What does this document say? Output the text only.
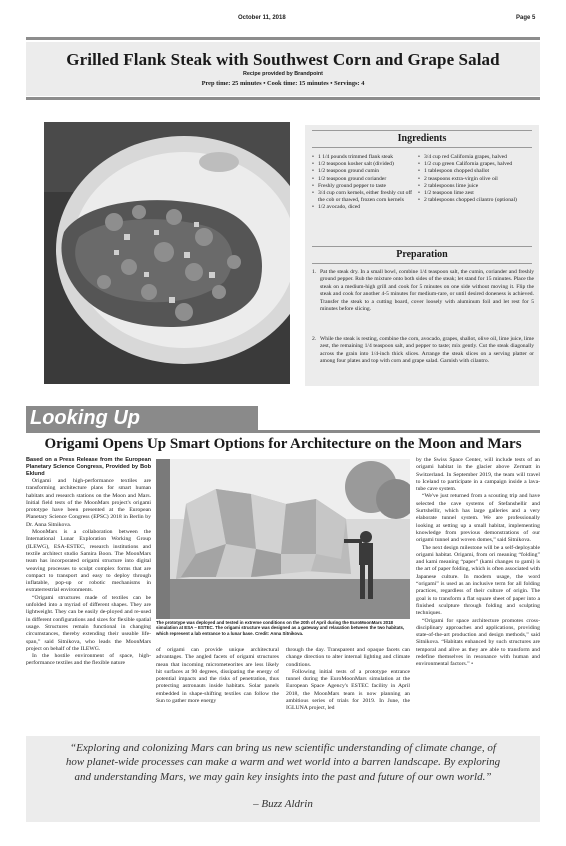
October 11, 2018	Page 5
Grilled Flank Steak with Southwest Corn and Grape Salad
Recipe provided by Brandpoint
Prep time: 25 minutes • Cook time: 15 minutes • Servings: 4
Ingredients
• 1 1/4 pounds trimmed flank steak
• 1/2 teaspoon kosher salt (divided)
• 1/2 teaspoon ground cumin
• 1/2 teaspoon ground coriander
• Freshly ground pepper to taste
• 3/4 cup corn kernels, either freshly cut off the cob or thawed, frozen corn kernels
• 1/2 avocado, diced
• 3/4 cup red California grapes, halved
• 1/2 cup green California grapes, halved
• 1 tablespoon chopped shallot
• 2 teaspoons extra-virgin olive oil
• 2 tablespoons lime juice
• 1/2 teaspoon lime zest
• 2 tablespoons chopped cilantro (optional)
Preparation
1. Pat the steak dry. In a small bowl, combine 1/4 teaspoon salt, the cumin, coriander and freshly ground pepper. Rub the mixture onto both sides of the steak; let stand for 15 minutes. Place the steak on a medium-high grill and cook for 5 minutes on one side without moving it. Flip the steak and cook for another 4-5 minutes for medium-rare, or until desired doneness is achieved. Transfer the steak to a cutting board, cover loosely with aluminum foil and let rest for 5 minutes before slicing.
2. While the steak is resting, combine the corn, avocado, grapes, shallot, olive oil, lime juice, lime zest, the remaining 1/4 teaspoon salt, and pepper to taste; mix gently. Cut the steak diagonally across the grain into 1/4-inch thick slices. Arrange the steak slices on a serving platter or among four plates and top with corn and grape salad. Garnish with cilantro.
Looking Up
Origami Opens Up Smart Options for Architecture on the Moon and Mars
Based on a Press Release from the European Planetary Science Congress, Provided by Bob Eklund

Origami and high-performance textiles are transforming architecture plans for smart human habitats and research stations on the Moon and Mars. Initial field tests of the MoonMars project's origami prototype have been presented at the European Planetary Science Congress (EPSC) 2018 in Berlin by Dr. Anna Sitnikova.

MoonMars is a collaboration between the International Lunar Exploration Working Group (ILEWG), ESA-ESTEC, research institutions and textile architect studio Samira Boon. The MoonMars team has incorporated origami structure into digital weaving processes to sculpt complex forms that are compact to transport and easy to deploy through inflatable, pop-up or robotic mechanisms in extraterrestrial environments.

“Origami structures made of textiles can be unfolded into a myriad of different shapes. They are lightweight. They can be easily de-ployed and re-used in different configurations and sizes for flexible spatial usage. Structures remain functional in changing circumstances, thereby extending their useable life-span,” said Sitnikova, who leads the MoonMars project on behalf of the ILEWG.

In the hostile environment of space, high-performance textiles and the flexible nature

The prototype was deployed and tested in extreme conditions on the 20th of April during the EuroMoonMars 2018 simulation at ESA – ESTEC. The origami structure was designed as a gateway and relaxation between the two habitats, which represent a lab entrance to a lunar base. Credit: Anna Sitnikova.

of origami can provide unique architectural advantages. The angled facets of origami structures mean that incoming micrometeorites are less likely hit surfaces at 90 degrees, dissipating the energy of potential impacts and the risks of penetration, thus protecting astronauts inside habitats. Solar panels embedded in shape-shifting textiles can follow the Sun to gather more energy

through the day. Transparent and opaque facets can change direction to alter internal lighting and climate conditions.

Following initial tests of a prototype entrance tunnel during the EuroMoonMars simulation at the European Space Agency's ESTEC facility in April 2018, the MoonMars team is now planning an ambitious series of trials for 2019. In June, the IGLUNA project, led

by the Swiss Space Center, will include tests of an origami habitat in the glacier above Zermatt in Switzerland. In September 2019, the team will travel to Iceland to participate in a campaign inside a lava-tube cave system.

“We've just returned from a scouting trip and have selected the cave systems of Stefanshellir and Surtshellir, which has large galleries and a very elaborate tunnel system. We are professionally looking at setting up a small habitat, implementing knowledge from previous demonstrations of our origami tunnel and woven domes,” said Sitnikova.

The next design milestone will be a self-deployable origami habitat. Origami, from ori meaning “folding” and kami meaning “paper” (kami changes to gami) is the art of paper folding, which is often associated with Japanese culture. In modern usage, the word “origami” is used as an inclusive term for all folding practices, regardless of their culture of origin. The goal is to transform a flat square sheet of paper into a finished sculpture through folding and sculpting techniques.

“Origami for space architecture promotes cross-disciplinary approaches and applications, providing state-of-the-art production and design methods,” said Sitnikova. “Habitats enhanced by such structures are temporal and alive as they are able to transform and redefine themselves in resonance with human and environmental factors.” •

“Exploring and colonizing Mars can bring us new scientific understanding of climate change, of how planet-wide processes can make a warm and wet world into a barren landscape. By exploring and understanding Mars, we may gain key insights into the past and future of our own world.”
– Buzz Aldrin
